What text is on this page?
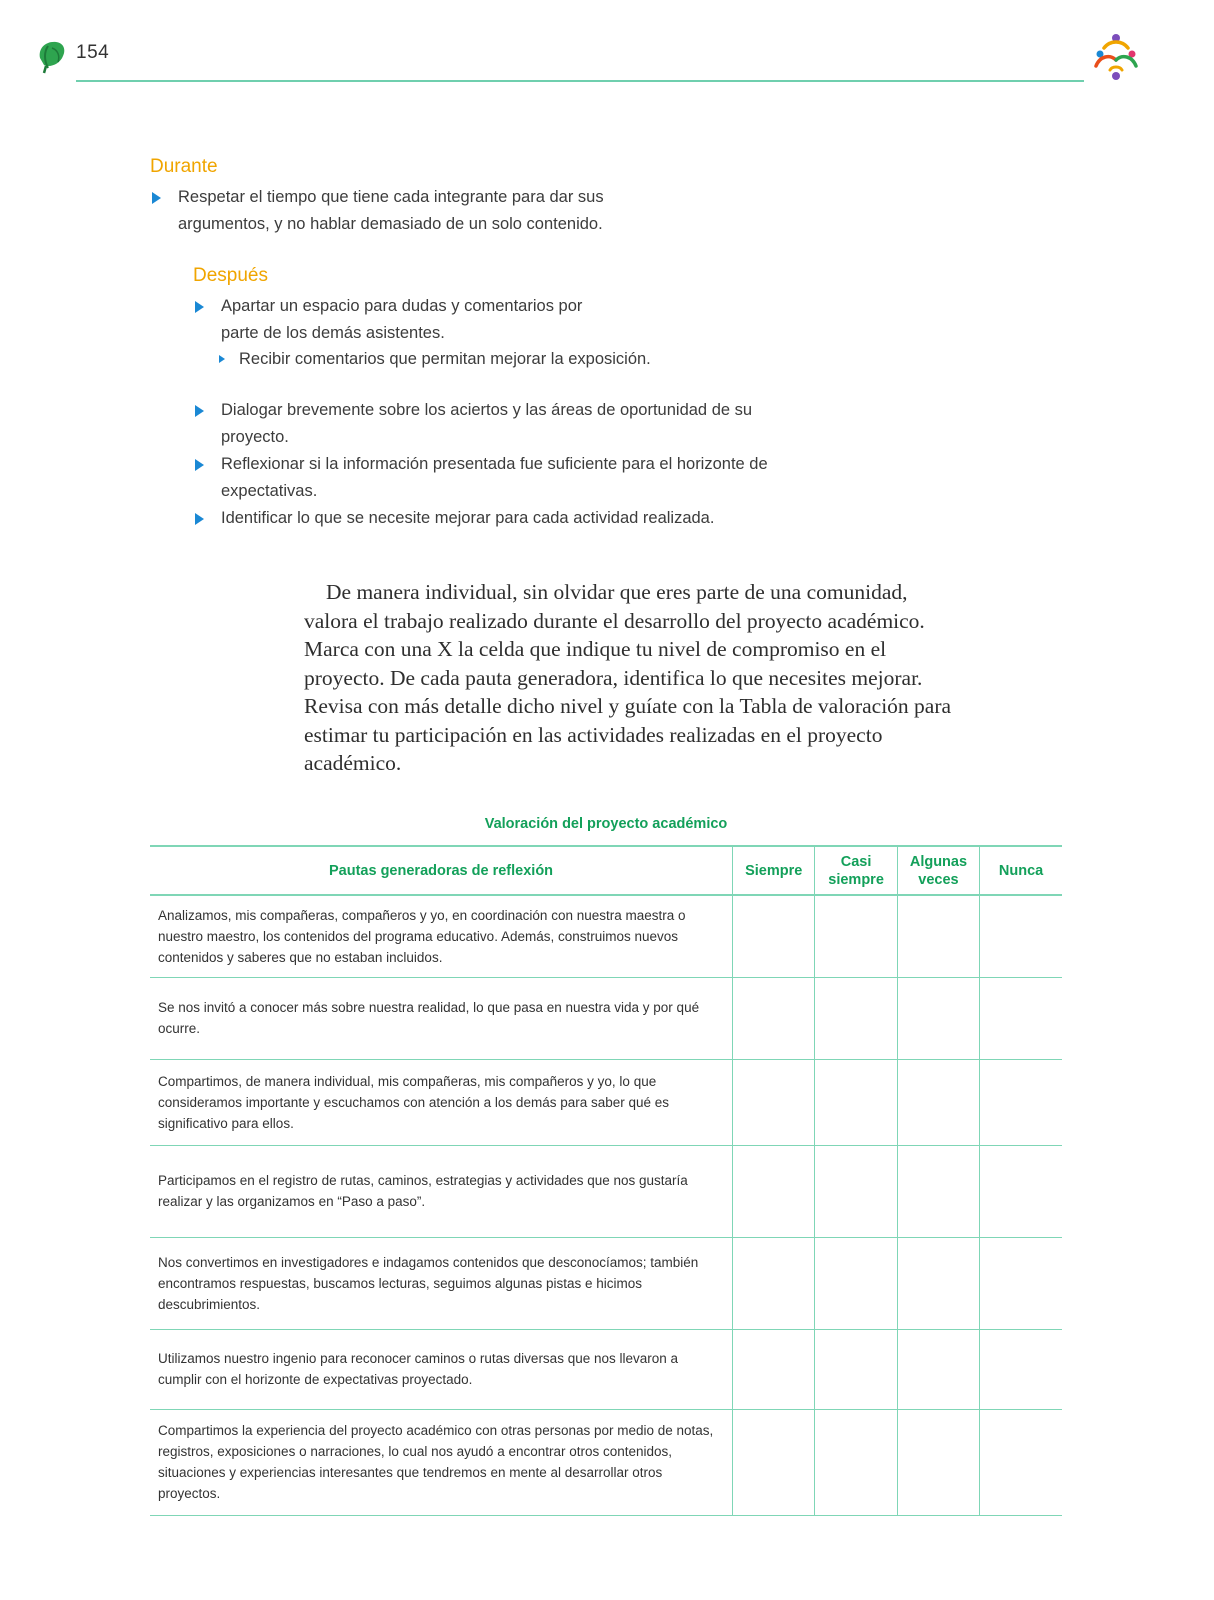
154
Durante
Respetar el tiempo que tiene cada integrante para dar sus argumentos, y no hablar demasiado de un solo contenido.
Después
Apartar un espacio para dudas y comentarios por parte de los demás asistentes.
Recibir comentarios que permitan mejorar la exposición.
Dialogar brevemente sobre los aciertos y las áreas de oportunidad de su proyecto.
Reflexionar si la información presentada fue suficiente para el horizonte de expectativas.
Identificar lo que se necesite mejorar para cada actividad realizada.

De manera individual, sin olvidar que eres parte de una comunidad, valora el trabajo realizado durante el desarrollo del proyecto académico. Marca con una X la celda que indique tu nivel de compromiso en el proyecto. De cada pauta generadora, identifica lo que necesites mejorar. Revisa con más detalle dicho nivel y guíate con la Tabla de valoración para estimar tu participación en las actividades realizadas en el proyecto académico.

Valoración del proyecto académico
Pautas generadoras de reflexión	Siempre	Casi siempre	Algunas veces	Nunca
Analizamos, mis compañeras, compañeros y yo, en coordinación con nuestra maestra o nuestro maestro, los contenidos del programa educativo. Además, construimos nuevos contenidos y saberes que no estaban incluidos.				
Se nos invitó a conocer más sobre nuestra realidad, lo que pasa en nuestra vida y por qué ocurre.				
Compartimos, de manera individual, mis compañeras, mis compañeros y yo, lo que consideramos importante y escuchamos con atención a los demás para saber qué es significativo para ellos.				
Participamos en el registro de rutas, caminos, estrategias y actividades que nos gustaría realizar y las organizamos en “Paso a paso”.				
Nos convertimos en investigadores e indagamos contenidos que desconocíamos; también encontramos respuestas, buscamos lecturas, seguimos algunas pistas e hicimos descubrimientos.				
Utilizamos nuestro ingenio para reconocer caminos o rutas diversas que nos llevaron a cumplir con el horizonte de expectativas proyectado.				
Compartimos la experiencia del proyecto académico con otras personas por medio de notas, registros, exposiciones o narraciones, lo cual nos ayudó a encontrar otros contenidos, situaciones y experiencias interesantes que tendremos en mente al desarrollar otros proyectos.				
